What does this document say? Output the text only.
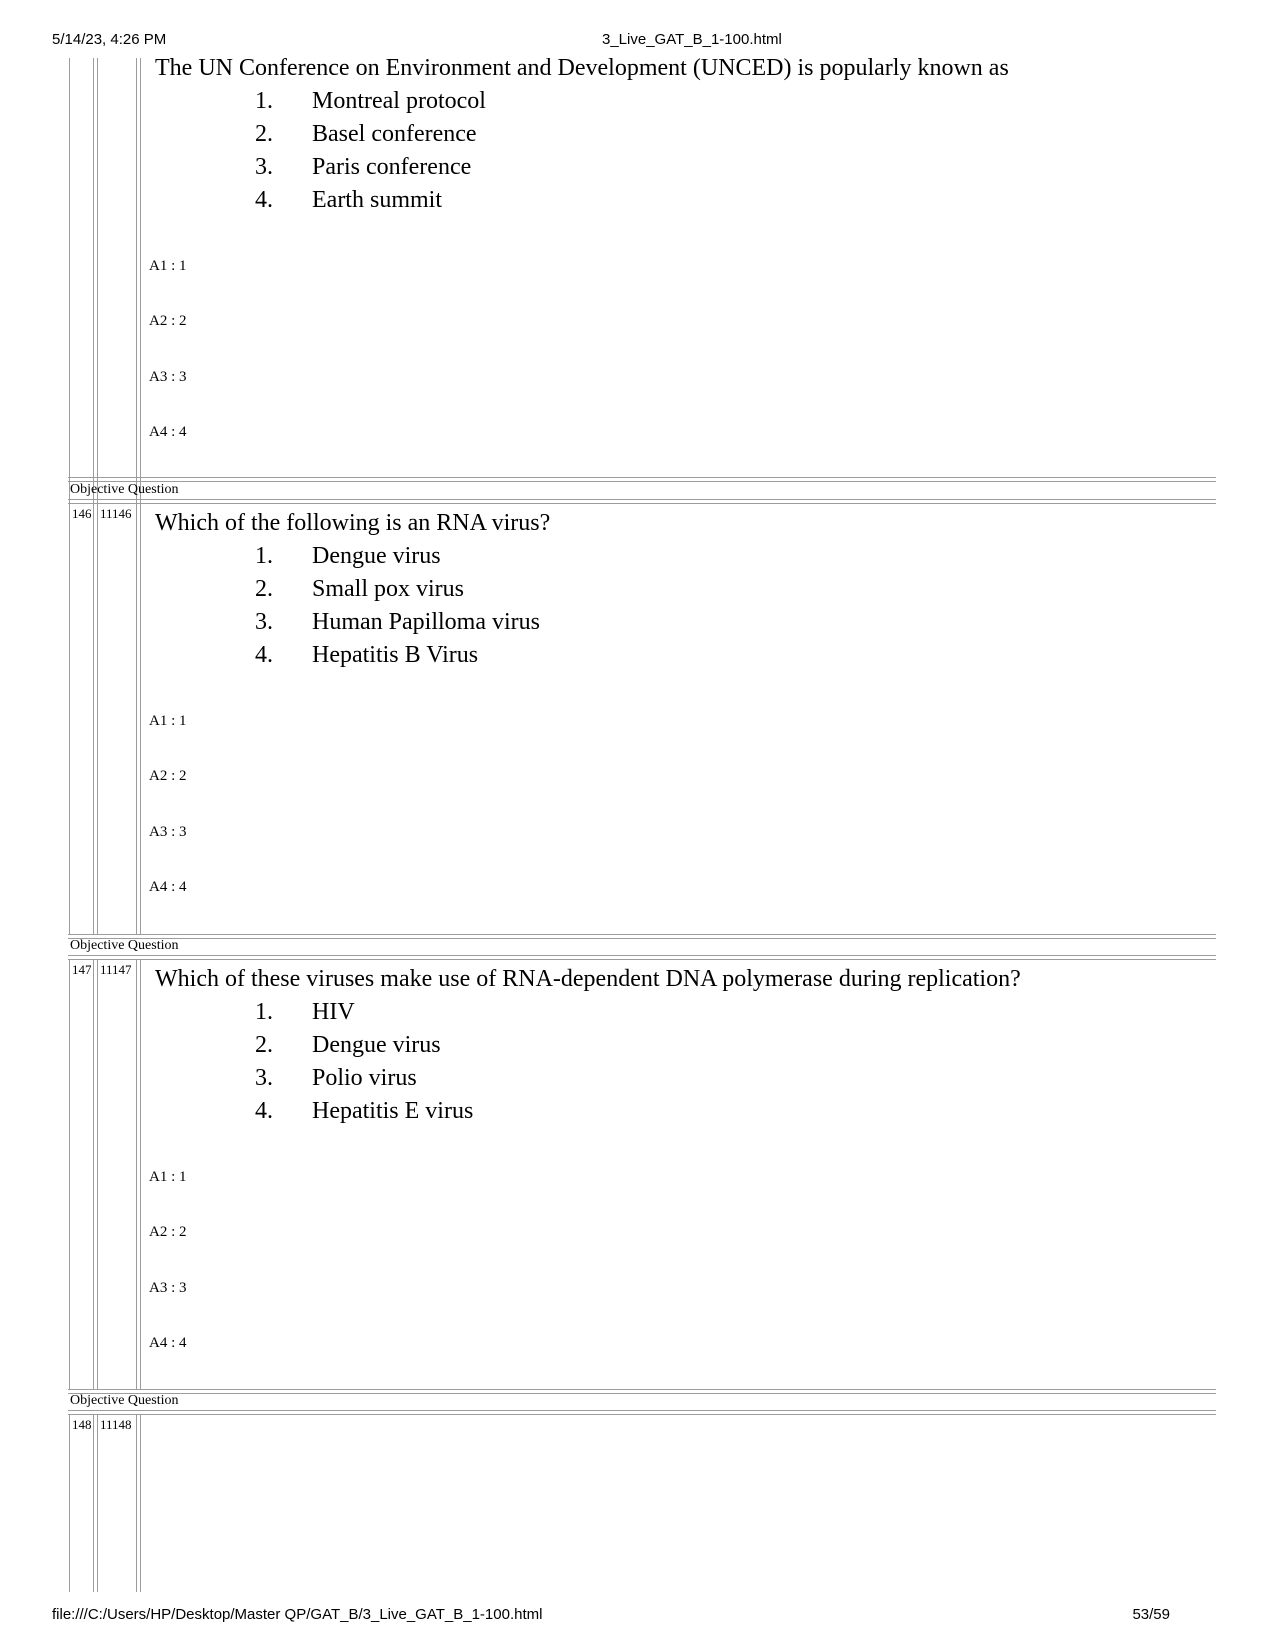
5/14/23, 4:26 PM	3_Live_GAT_B_1-100.html
The UN Conference on Environment and Development (UNCED) is popularly known as
1. Montreal protocol
2. Basel conference
3. Paris conference
4. Earth summit
A1 : 1
A2 : 2
A3 : 3
A4 : 4
Objective Question
146 11146 Which of the following is an RNA virus?
1. Dengue virus
2. Small pox virus
3. Human Papilloma virus
4. Hepatitis B Virus
A1 : 1
A2 : 2
A3 : 3
A4 : 4
Objective Question
147 11147 Which of these viruses make use of RNA-dependent DNA polymerase during replication?
1. HIV
2. Dengue virus
3. Polio virus
4. Hepatitis E virus
A1 : 1
A2 : 2
A3 : 3
A4 : 4
Objective Question
148 11148
file:///C:/Users/HP/Desktop/Master QP/GAT_B/3_Live_GAT_B_1-100.html	53/59
